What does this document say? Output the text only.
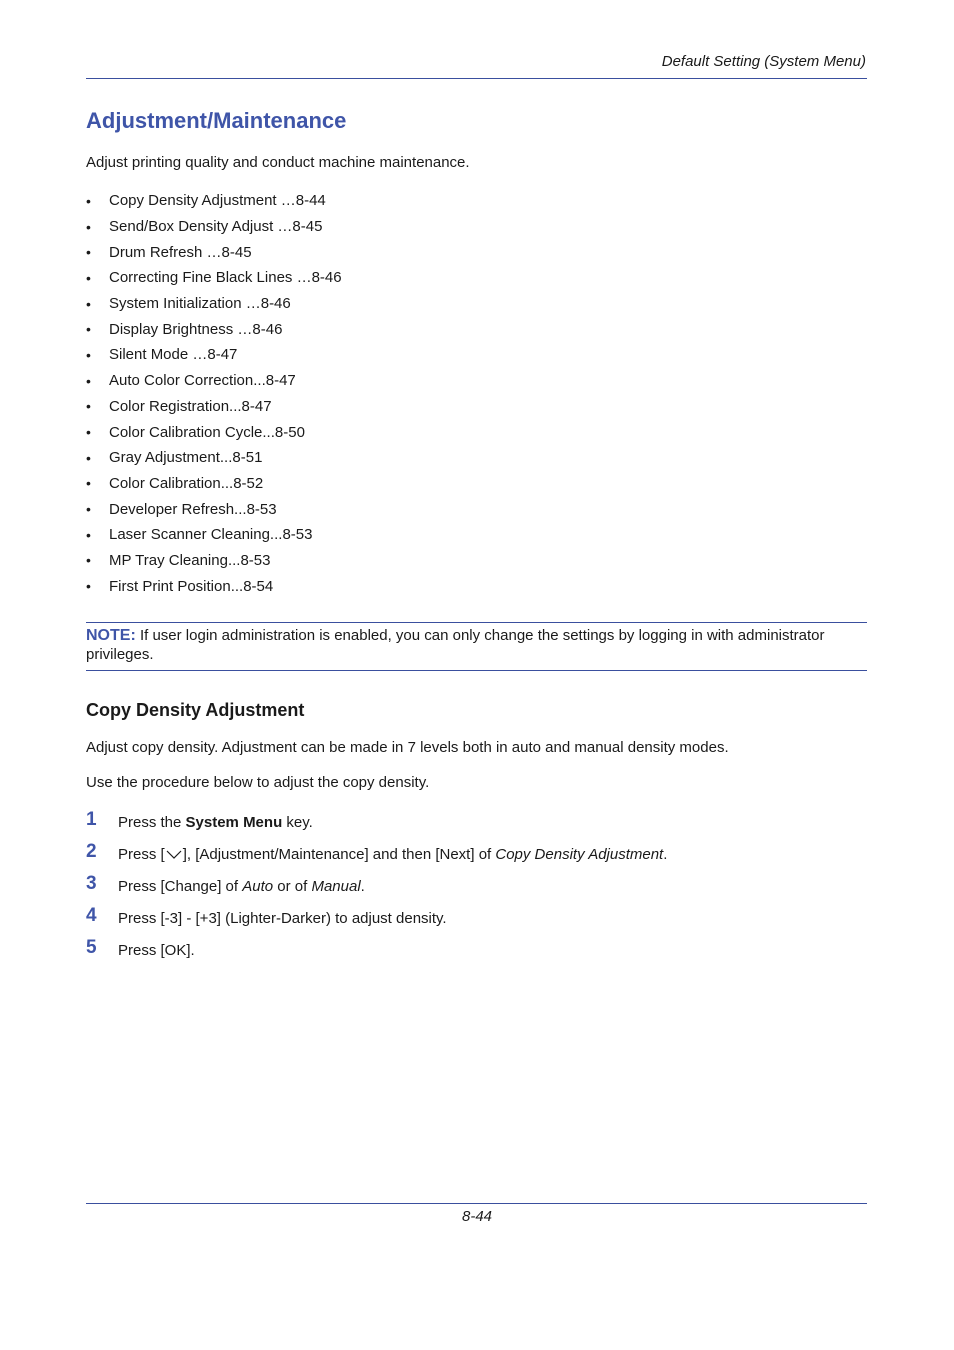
Default Setting (System Menu)
Adjustment/Maintenance
Adjust printing quality and conduct machine maintenance.
•	Copy Density Adjustment …8-44
•	Send/Box Density Adjust …8-45
•	Drum Refresh …8-45
•	Correcting Fine Black Lines …8-46
•	System Initialization …8-46
•	Display Brightness …8-46
•	Silent Mode …8-47
•	Auto Color Correction...8-47
•	Color Registration...8-47
•	Color Calibration Cycle...8-50
•	Gray Adjustment...8-51
•	Color Calibration...8-52
•	Developer Refresh...8-53
•	Laser Scanner Cleaning...8-53
•	MP Tray Cleaning...8-53
•	First Print Position...8-54
NOTE: If user login administration is enabled, you can only change the settings by logging in with administrator privileges.
Copy Density Adjustment
Adjust copy density. Adjustment can be made in 7 levels both in auto and manual density modes.
Use the procedure below to adjust the copy density.
1	Press the System Menu key.
2	Press [ ], [Adjustment/Maintenance] and then [Next] of Copy Density Adjustment.
3	Press [Change] of Auto or of Manual.
4	Press [-3] - [+3] (Lighter-Darker) to adjust density.
5	Press [OK].
8-44
